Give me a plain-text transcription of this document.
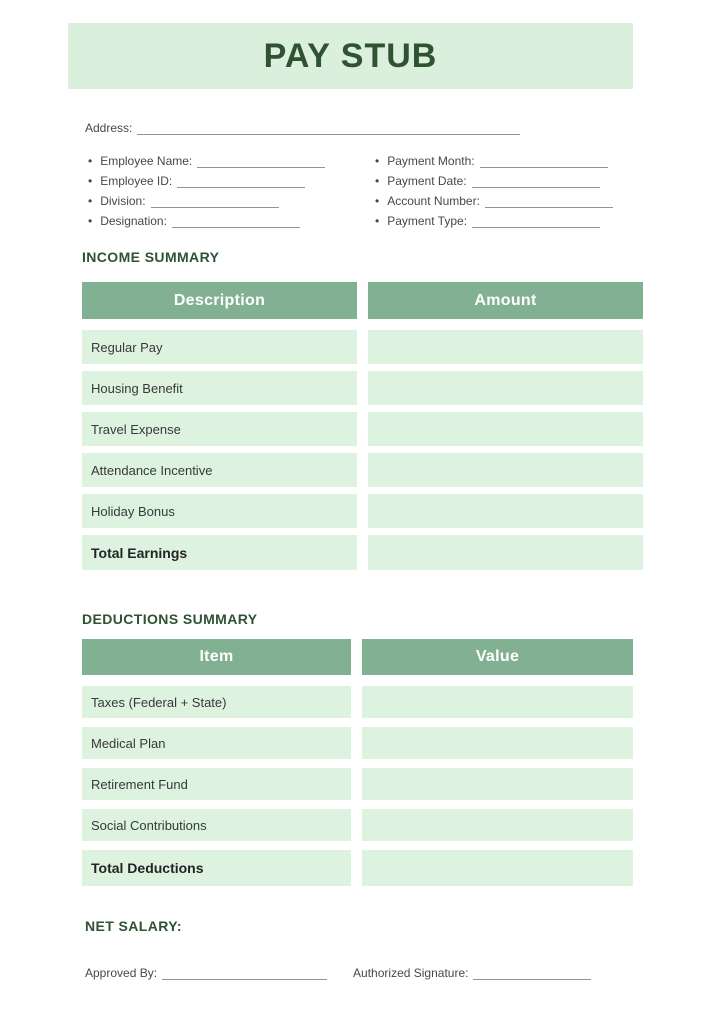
PAY STUB
Address:
• Employee Name:
• Employee ID:
• Division:
• Designation:
• Payment Month:
• Payment Date:
• Account Number:
• Payment Type:
INCOME SUMMARY
Description	Amount
Regular Pay
Housing Benefit
Travel Expense
Attendance Incentive
Holiday Bonus
Total Earnings
DEDUCTIONS SUMMARY
Item	Value
Taxes (Federal + State)
Medical Plan
Retirement Fund
Social Contributions
Total Deductions
NET SALARY:
Approved By:	Authorized Signature:
